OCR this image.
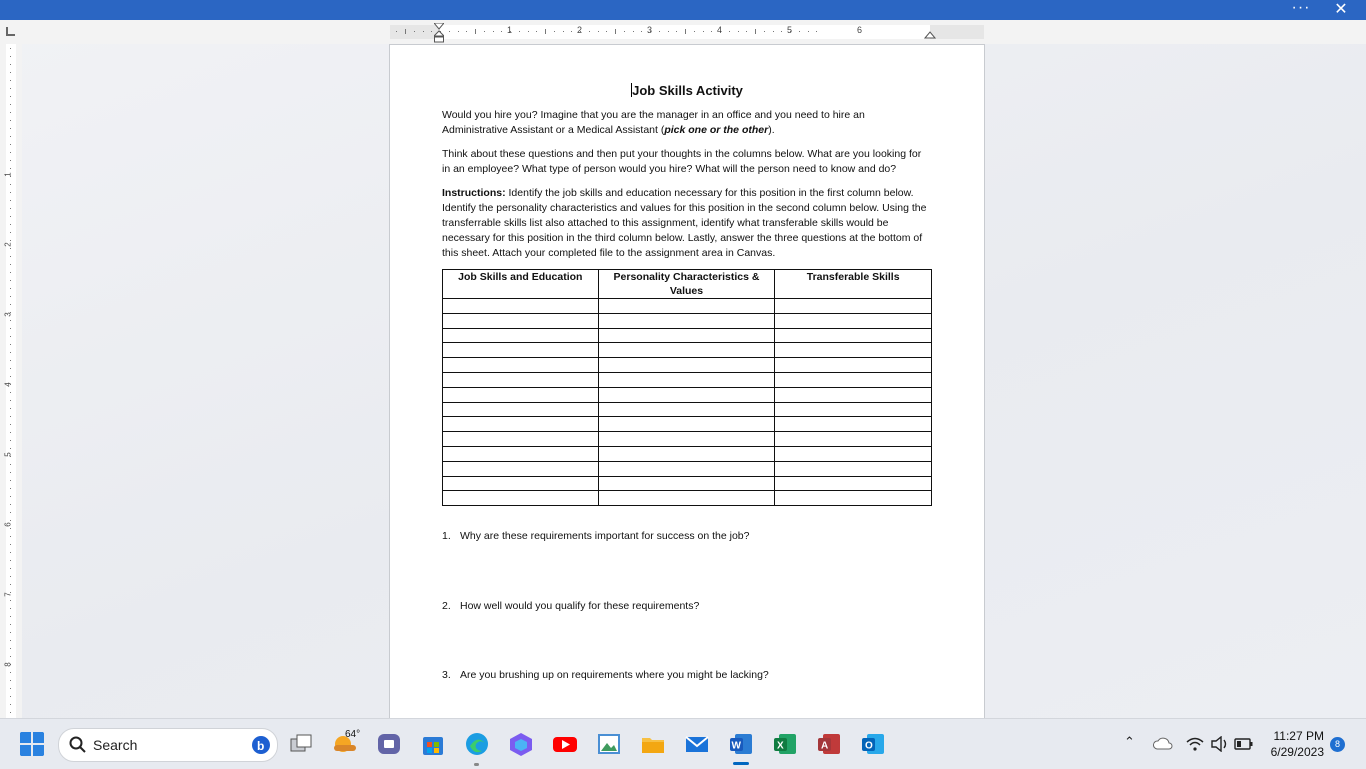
···	✕
1	2	3	4	5	6
1
2
3
4
5
6
7
8
Job Skills Activity

Would you hire you? Imagine that you are the manager in an office and you need to hire an Administrative Assistant or a Medical Assistant (pick one or the other).

Think about these questions and then put your thoughts in the columns below. What are you looking for in an employee? What type of person would you hire? What will the person need to know and do?

Instructions: Identify the job skills and education necessary for this position in the first column below. Identify the personality characteristics and values for this position in the second column below. Using the transferrable skills list also attached to this assignment, identify what transferable skills would be necessary for this position in the third column below. Lastly, answer the three questions at the bottom of this sheet. Attach your completed file to the assignment area in Canvas.

Job Skills and Education	Personality Characteristics & Values	Transferable Skills

1. Why are these requirements important for success on the job?
2. How well would you qualify for these requirements?
3. Are you brushing up on requirements where you might be lacking?
Search	b
64°
W	X	A	O	⌃	11:27 PM
6/29/2023
8
